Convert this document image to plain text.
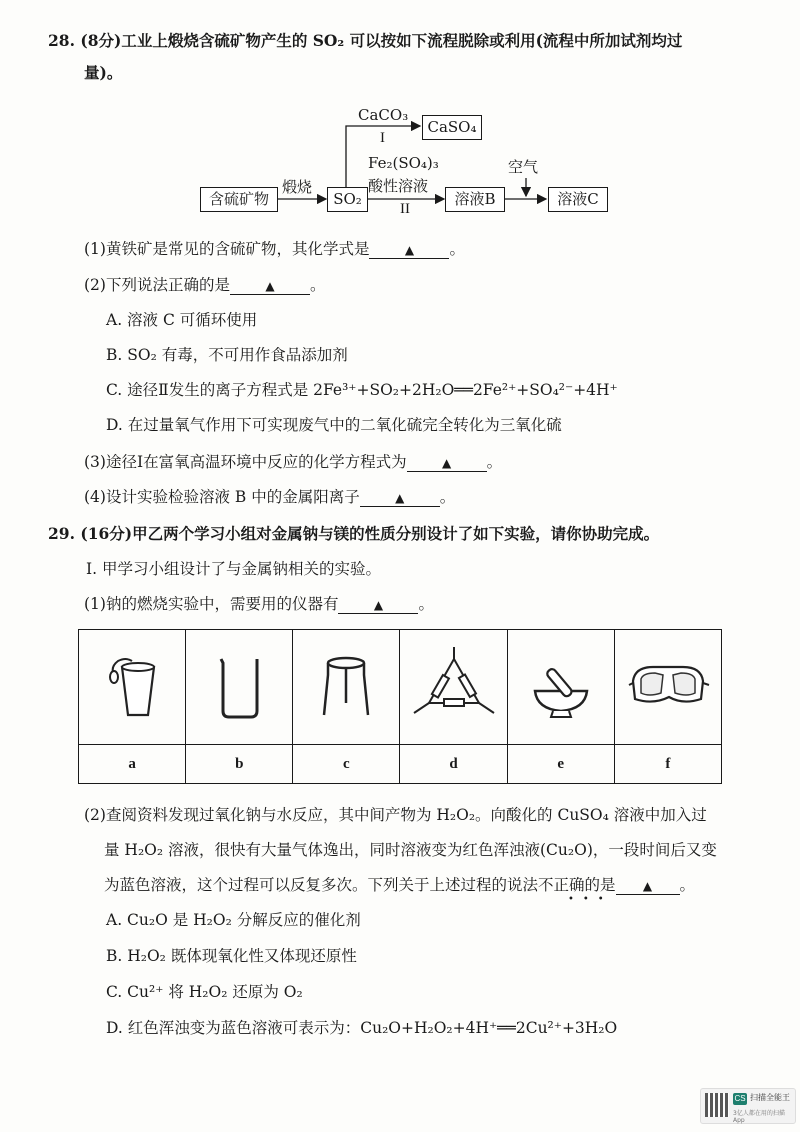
28. (8分)工业上煅烧含硫矿物产生的 SO₂ 可以按如下流程脱除或利用(流程中所加试剂均过
量)。
含硫矿物
煅烧
SO₂
CaCO₃
I
CaSO₄
Fe₂(SO₄)₃
酸性溶液
II
溶液B
空气
溶液C
(1)黄铁矿是常见的含硫矿物，其化学式是	▲ 。
(2)下列说法正确的是	▲ 。
A. 溶液 C 可循环使用
B. SO₂ 有毒，不可用作食品添加剂
C. 途径Ⅱ发生的离子方程式是 2Fe³⁺+SO₂+2H₂O══2Fe²⁺+SO₄²⁻+4H⁺
D. 在过量氧气作用下可实现废气中的二氧化硫完全转化为三氧化硫
(3)途径Ⅰ在富氧高温环境中反应的化学方程式为	▲ 。
(4)设计实验检验溶液 B 中的金属阳离子	▲ 。
29. (16分)甲乙两个学习小组对金属钠与镁的性质分别设计了如下实验，请你协助完成。
Ⅰ. 甲学习小组设计了与金属钠相关的实验。
(1)钠的燃烧实验中，需要用的仪器有	▲ 。

a	b	c	d	e	f
(2)查阅资料发现过氧化钠与水反应，其中间产物为 H₂O₂。向酸化的 CuSO₄ 溶液中加入过
量 H₂O₂ 溶液，很快有大量气体逸出，同时溶液变为红色浑浊液(Cu₂O)，一段时间后又变
为蓝色溶液，这个过程可以反复多次。下列关于上述过程的说法不正确的是 ▲ 。
•••
A. Cu₂O 是 H₂O₂ 分解反应的催化剂
B. H₂O₂ 既体现氧化性又体现还原性
C. Cu²⁺ 将 H₂O₂ 还原为 O₂
D. 红色浑浊变为蓝色溶液可表示为：Cu₂O+H₂O₂+4H⁺══2Cu²⁺+3H₂O
CS 扫描全能王
3亿人都在用的扫描App
